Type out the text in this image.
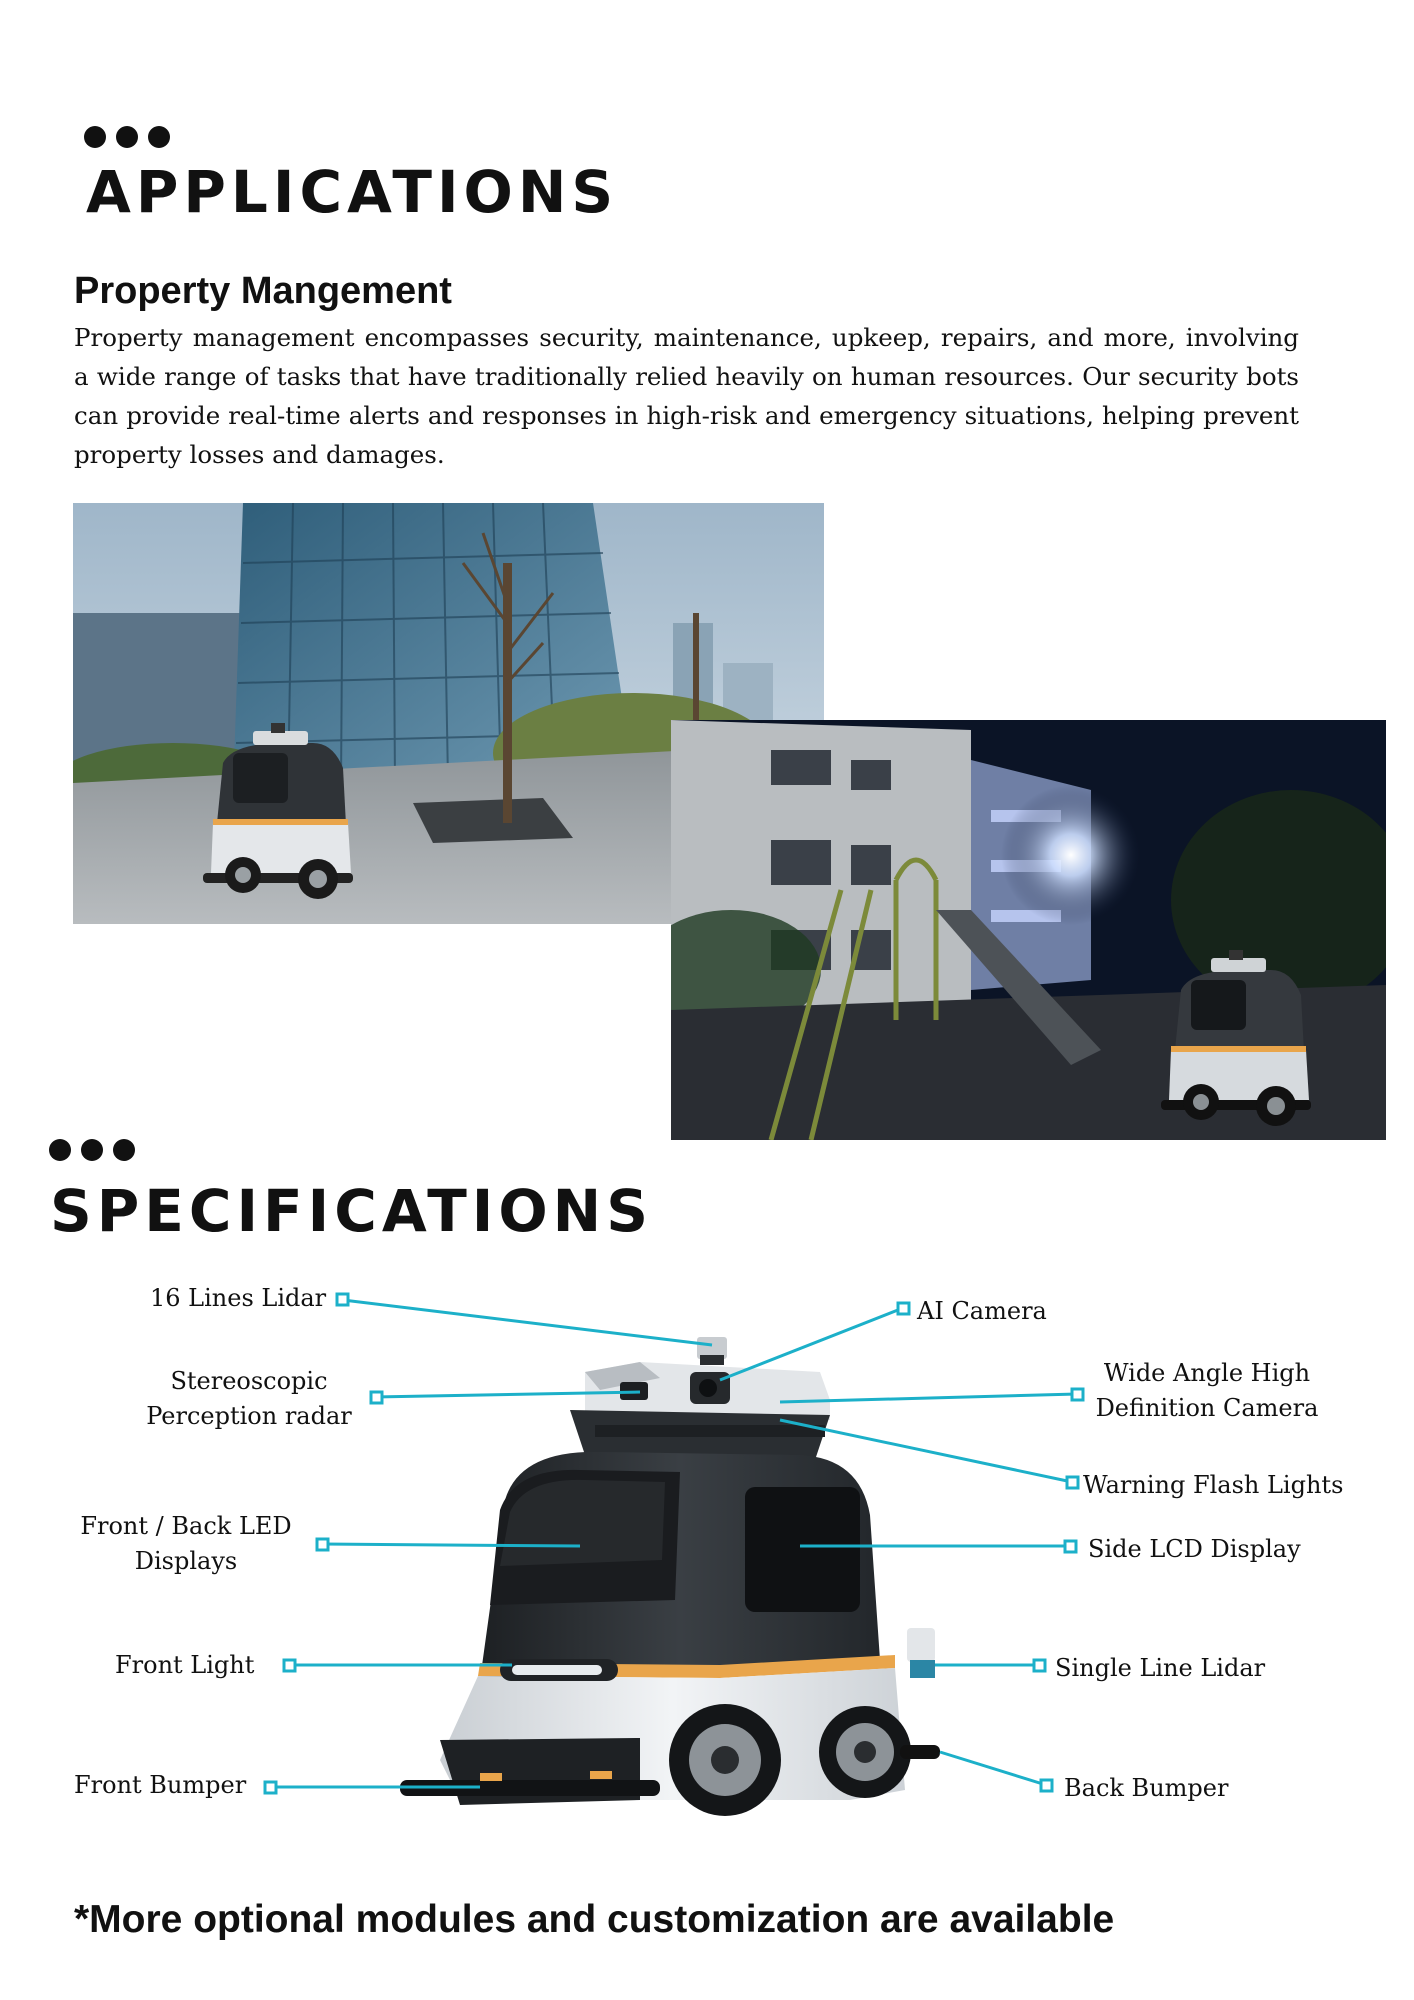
APPLICATIONS
Property Mangement
Property management encompasses security, maintenance, upkeep, repairs, and more, involving a wide range of tasks that have traditionally relied heavily on human resources. Our security bots can provide real-time alerts and responses in high-risk and emergency situations, helping prevent property losses and damages.
SPECIFICATIONS
16 Lines Lidar
Stereoscopic
Perception radar
Front / Back LED
Displays
Front Light
Front Bumper
AI Camera
Wide Angle High
Definition Camera
Warning Flash Lights
Side LCD Display
Single Line Lidar
Back Bumper
*More optional modules and customization are available
